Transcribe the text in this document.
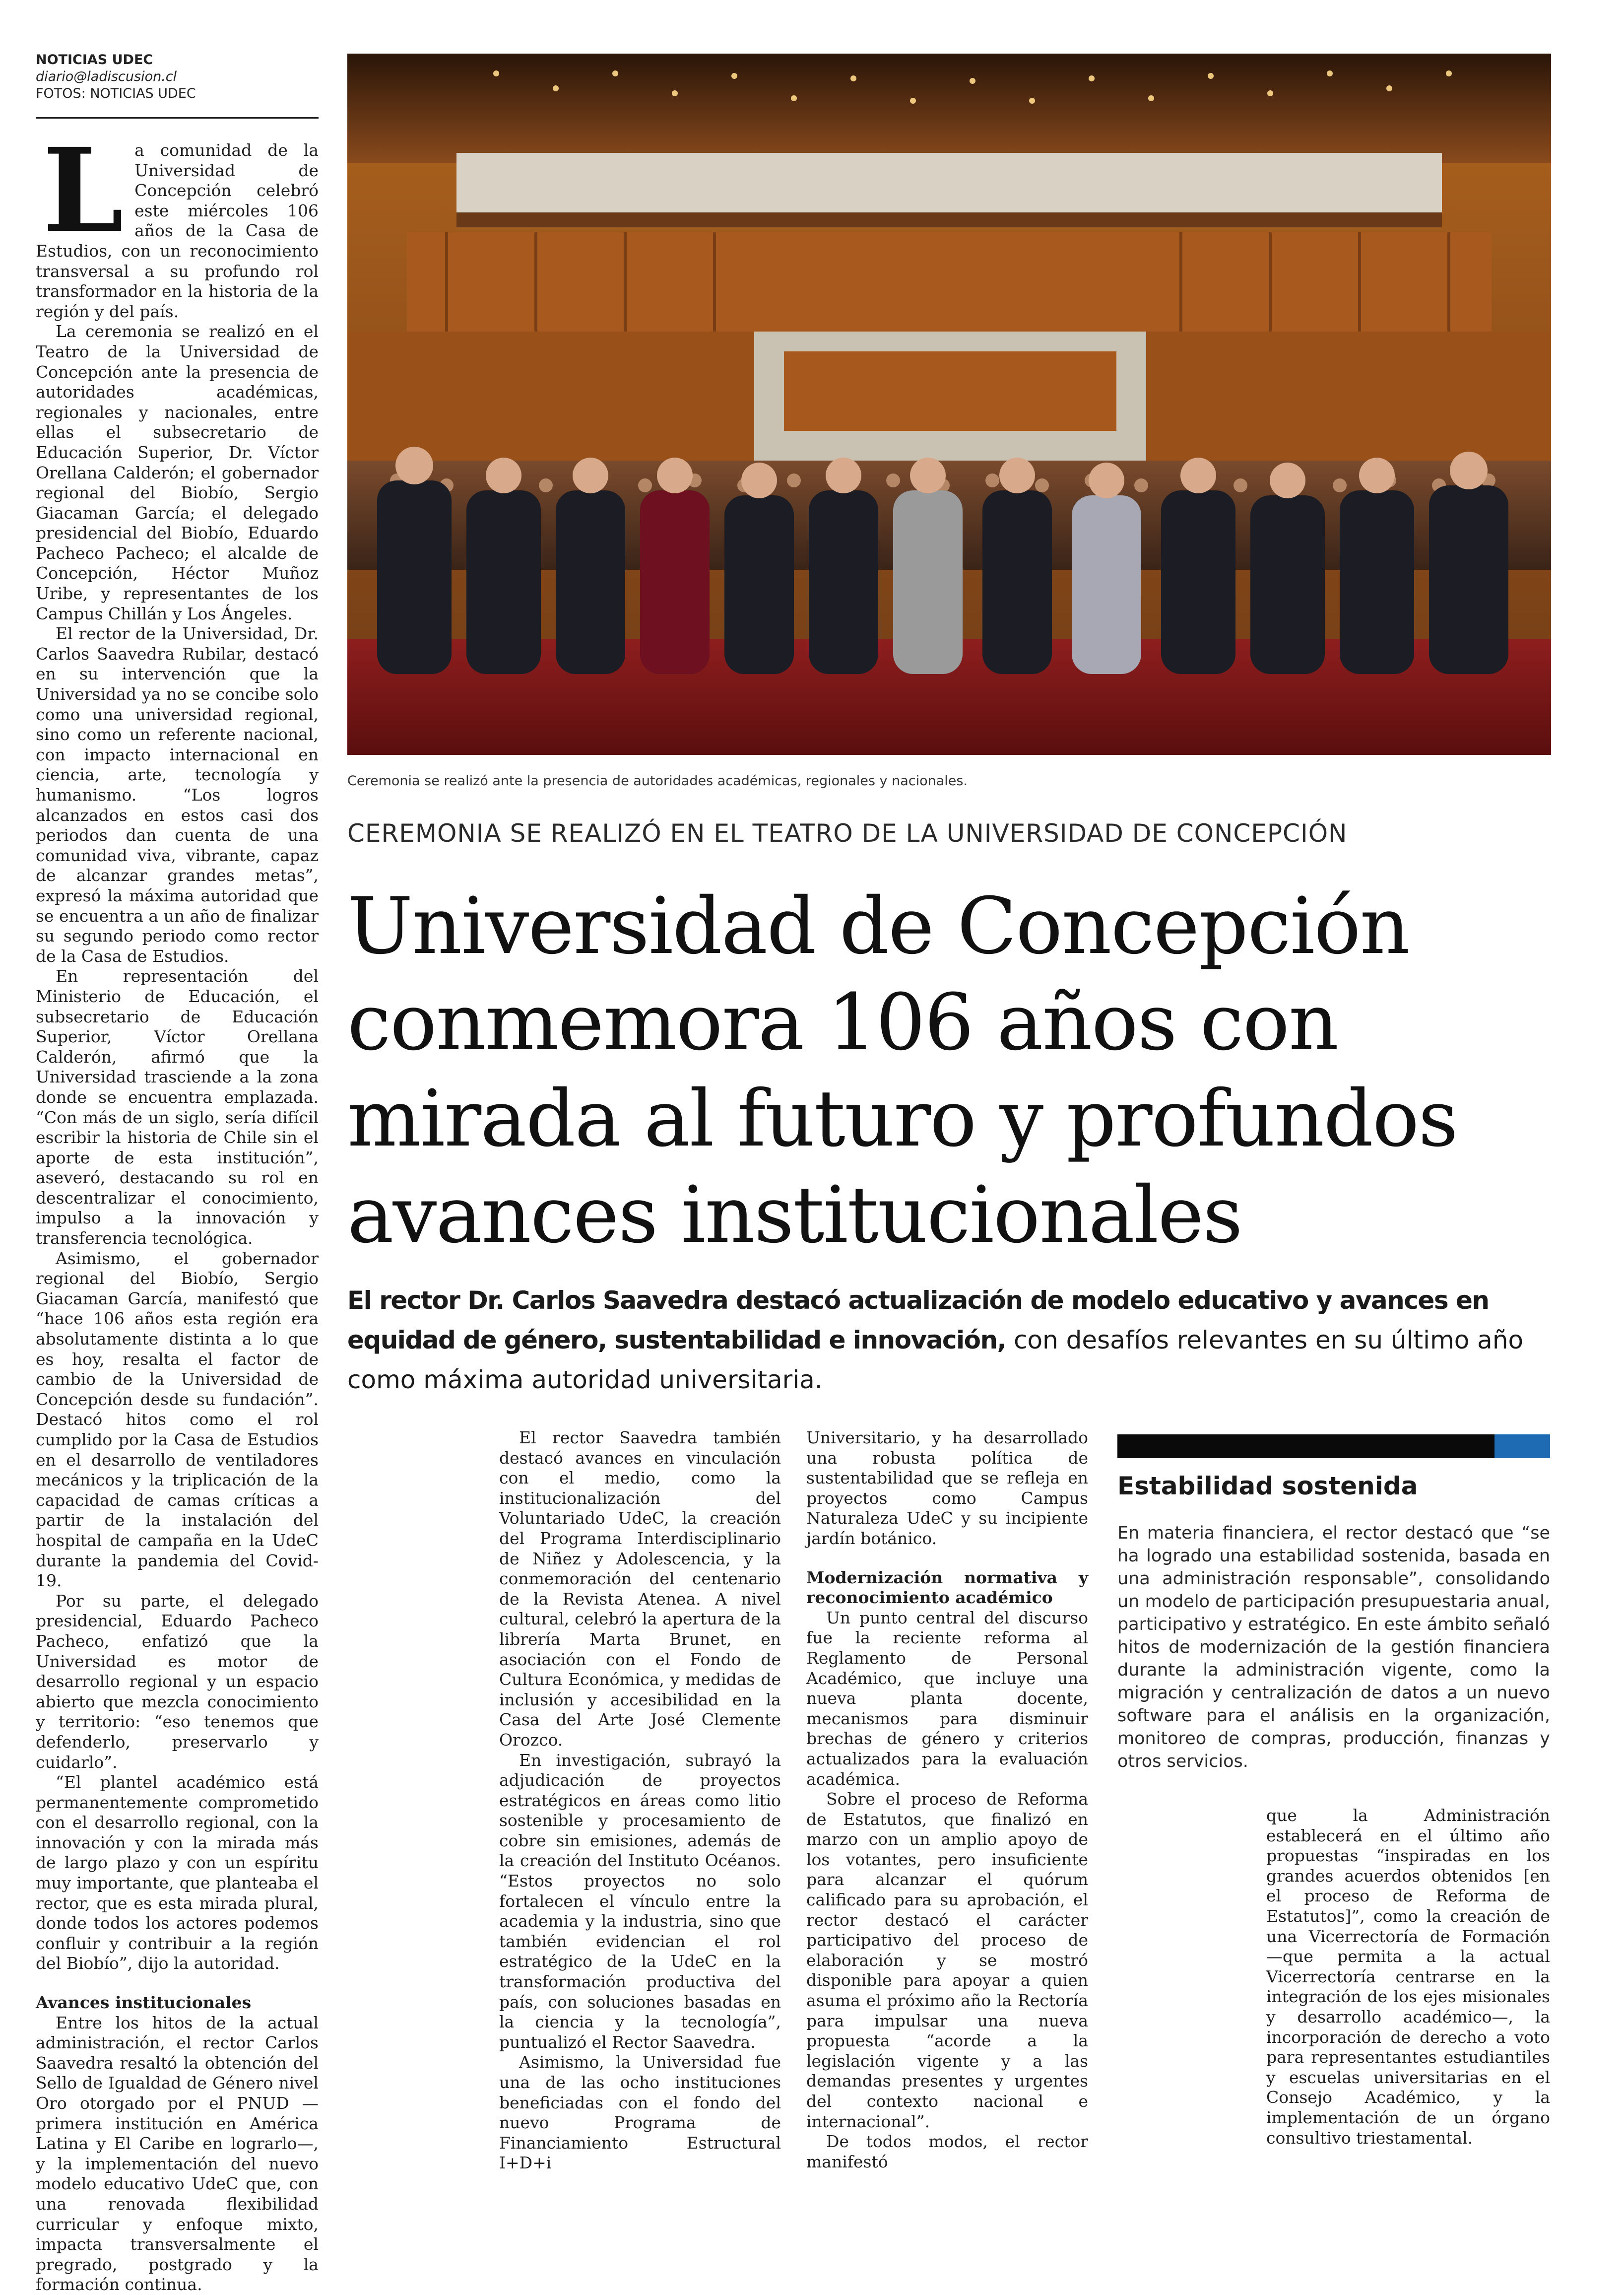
NOTICIAS UDEC
diario@ladiscusion.cl
FOTOS: NOTICIAS UDEC

La comunidad de la Universidad de Concepción celebró este miércoles 106 años de la Casa de Estudios, con un reconocimiento transversal a su profundo rol transformador en la historia de la región y del país.

La ceremonia se realizó en el Teatro de la Universidad de Concepción ante la presencia de autoridades académicas, regionales y nacionales, entre ellas el subsecretario de Educación Superior, Dr. Víctor Orellana Calderón; el gobernador regional del Biobío, Sergio Giacaman García; el delegado presidencial del Biobío, Eduardo Pacheco Pacheco; el alcalde de Concepción, Héctor Muñoz Uribe, y representantes de los Campus Chillán y Los Ángeles.

El rector de la Universidad, Dr. Carlos Saavedra Rubilar, destacó en su intervención que la Universidad ya no se concibe solo como una universidad regional, sino como un referente nacional, con impacto internacional en ciencia, arte, tecnología y humanismo. “Los logros alcanzados en estos casi dos periodos dan cuenta de una comunidad viva, vibrante, capaz de alcanzar grandes metas”, expresó la máxima autoridad que se encuentra a un año de finalizar su segundo periodo como rector de la Casa de Estudios.

En representación del Ministerio de Educación, el subsecretario de Educación Superior, Víctor Orellana Calderón, afirmó que la Universidad trasciende a la zona donde se encuentra emplazada. “Con más de un siglo, sería difícil escribir la historia de Chile sin el aporte de esta institución”, aseveró, destacando su rol en descentralizar el conocimiento, impulso a la innovación y transferencia tecnológica.

Asimismo, el gobernador regional del Biobío, Sergio Giacaman García, manifestó que “hace 106 años esta región era absolutamente distinta a lo que es hoy, resalta el factor de cambio de la Universidad de Concepción desde su fundación”. Destacó hitos como el rol cumplido por la Casa de Estudios en el desarrollo de ventiladores mecánicos y la triplicación de la capacidad de camas críticas a partir de la instalación del hospital de campaña en la UdeC durante la pandemia del Covid-19.

Por su parte, el delegado presidencial, Eduardo Pacheco Pacheco, enfatizó que la Universidad es motor de desarrollo regional y un espacio abierto que mezcla conocimiento y territorio: “eso tenemos que defenderlo, preservarlo y cuidarlo”.

“El plantel académico está permanentemente comprometido con el desarrollo regional, con la innovación y con la mirada más de largo plazo y con un espíritu muy importante, que planteaba el rector, que es esta mirada plural, donde todos los actores podemos confluir y contribuir a la región del Biobío”, dijo la autoridad.

Avances institucionales

Entre los hitos de la actual administración, el rector Carlos Saavedra resaltó la obtención del Sello de Igualdad de Género nivel Oro otorgado por el PNUD —primera institución en América Latina y El Caribe en lograrlo—, y la implementación del nuevo modelo educativo UdeC que, con una renovada flexibilidad curricular y enfoque mixto, impacta transversalmente el pregrado, postgrado y la formación continua.

Ceremonia se realizó ante la presencia de autoridades académicas, regionales y nacionales.
CEREMONIA SE REALIZÓ EN EL TEATRO DE LA UNIVERSIDAD DE CONCEPCIÓN
Universidad de Concepción
conmemora 106 años con
mirada al futuro y profundos
avances institucionales
El rector Dr. Carlos Saavedra destacó actualización de modelo educativo y avances en equidad de género, sustentabilidad e innovación, con desafíos relevantes en su último año como máxima autoridad universitaria.

El rector Saavedra también destacó avances en vinculación con el medio, como la institucionalización del Voluntariado UdeC, la creación del Programa Interdisciplinario de Niñez y Adolescencia, y la conmemoración del centenario de la Revista Atenea. A nivel cultural, celebró la apertura de la librería Marta Brunet, en asociación con el Fondo de Cultura Económica, y medidas de inclusión y accesibilidad en la Casa del Arte José Clemente Orozco.

En investigación, subrayó la adjudicación de proyectos estratégicos en áreas como litio sostenible y procesamiento de cobre sin emisiones, además de la creación del Instituto Océanos. “Estos proyectos no solo fortalecen el vínculo entre la academia y la industria, sino que también evidencian el rol estratégico de la UdeC en la transformación productiva del país, con soluciones basadas en la ciencia y la tecnología”, puntualizó el Rector Saavedra.

Asimismo, la Universidad fue una de las ocho instituciones beneficiadas con el fondo del nuevo Programa de Financiamiento Estructural I+D+i

Universitario, y ha desarrollado una robusta política de sustentabilidad que se refleja en proyectos como Campus Naturaleza UdeC y su incipiente jardín botánico.

Modernización normativa y reconocimiento académico

Un punto central del discurso fue la reciente reforma al Reglamento de Personal Académico, que incluye una nueva planta docente, mecanismos para disminuir brechas de género y criterios actualizados para la evaluación académica.

Sobre el proceso de Reforma de Estatutos, que finalizó en marzo con un amplio apoyo de los votantes, pero insuficiente para alcanzar el quórum calificado para su aprobación, el rector destacó el carácter participativo del proceso de elaboración y se mostró disponible para apoyar a quien asuma el próximo año la Rectoría para impulsar una nueva propuesta “acorde a la legislación vigente y a las demandas presentes y urgentes del contexto nacional e internacional”.

De todos modos, el rector manifestó

Estabilidad sostenida
En materia financiera, el rector destacó que “se ha logrado una estabilidad sostenida, basada en una administración responsable”, consolidando un modelo de participación presupuestaria anual, participativo y estratégico. En este ámbito señaló hitos de modernización de la gestión financiera durante la administración vigente, como la migración y centralización de datos a un nuevo software para el análisis en la organización, monitoreo de compras, producción, finanzas y otros servicios.

que la Administración establecerá en el último año propuestas “inspiradas en los grandes acuerdos obtenidos [en el proceso de Reforma de Estatutos]”, como la creación de una Vicerrectoría de Formación —que permita a la actual Vicerrectoría centrarse en la integración de los ejes misionales y desarrollo académico—, la incorporación de derecho a voto para representantes estudiantiles y escuelas universitarias en el Consejo Académico, y la implementación de un órgano consultivo triestamental.
